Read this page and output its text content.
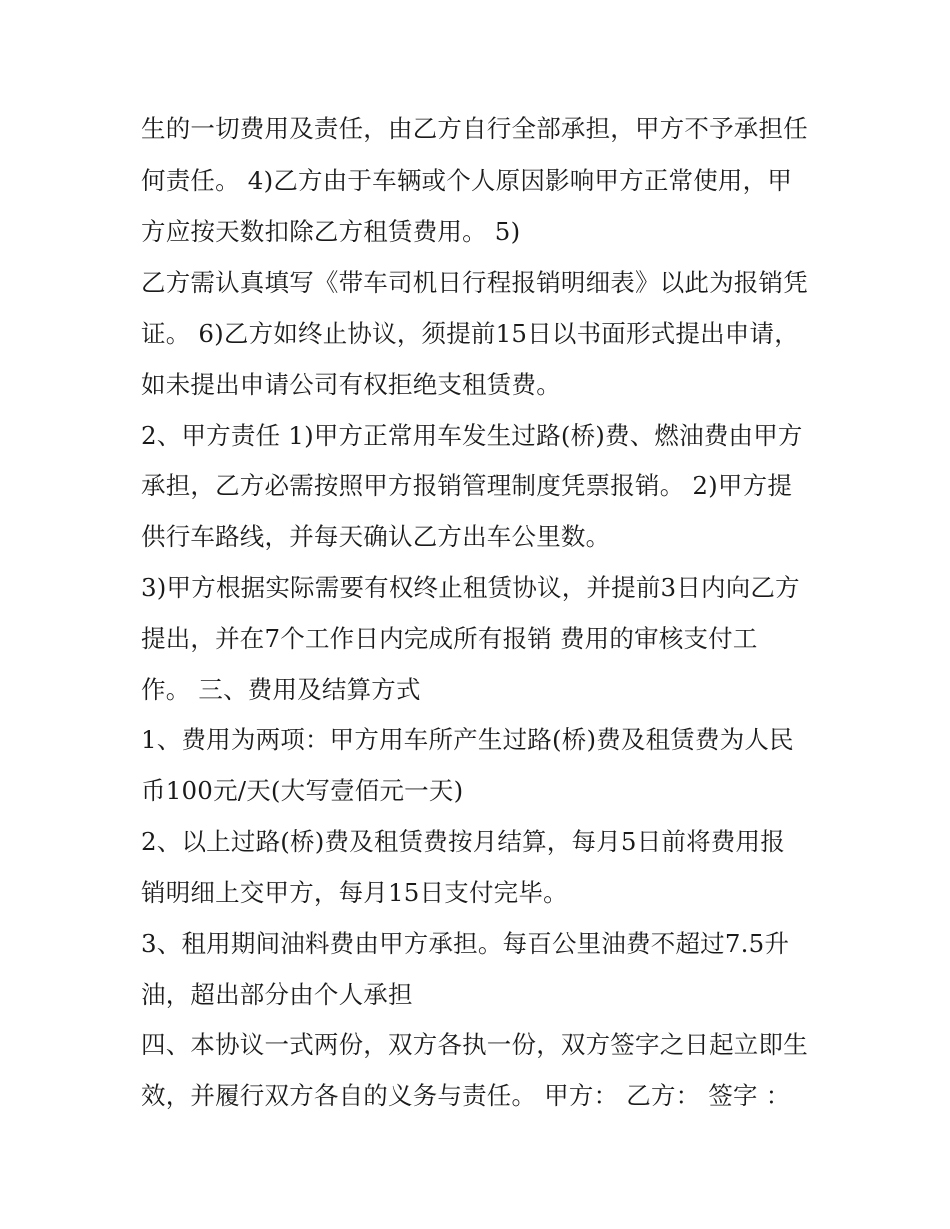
生的一切费用及责任，由乙方自行全部承担，甲方不予承担任
何责任。 4)乙方由于车辆或个人原因影响甲方正常使用，甲
方应按天数扣除乙方租赁费用。 5)
乙方需认真填写《带车司机日行程报销明细表》以此为报销凭
证。 6)乙方如终止协议，须提前15日以书面形式提出申请，
如未提出申请公司有权拒绝支租赁费。
2、甲方责任 1)甲方正常用车发生过路(桥)费、燃油费由甲方
承担，乙方必需按照甲方报销管理制度凭票报销。 2)甲方提
供行车路线，并每天确认乙方出车公里数。
3)甲方根据实际需要有权终止租赁协议，并提前3日内向乙方
提出，并在7个工作日内完成所有报销 费用的审核支付工
作。 三、费用及结算方式
1、费用为两项：甲方用车所产生过路(桥)费及租赁费为人民
币100元/天(大写壹佰元一天)
2、以上过路(桥)费及租赁费按月结算，每月5日前将费用报
销明细上交甲方，每月15日支付完毕。
3、租用期间油料费由甲方承担。每百公里油费不超过7.5升
油，超出部分由个人承担
四、本协议一式两份，双方各执一份，双方签字之日起立即生
效，并履行双方各自的义务与责任。 甲方： 乙方： 签字 ：
